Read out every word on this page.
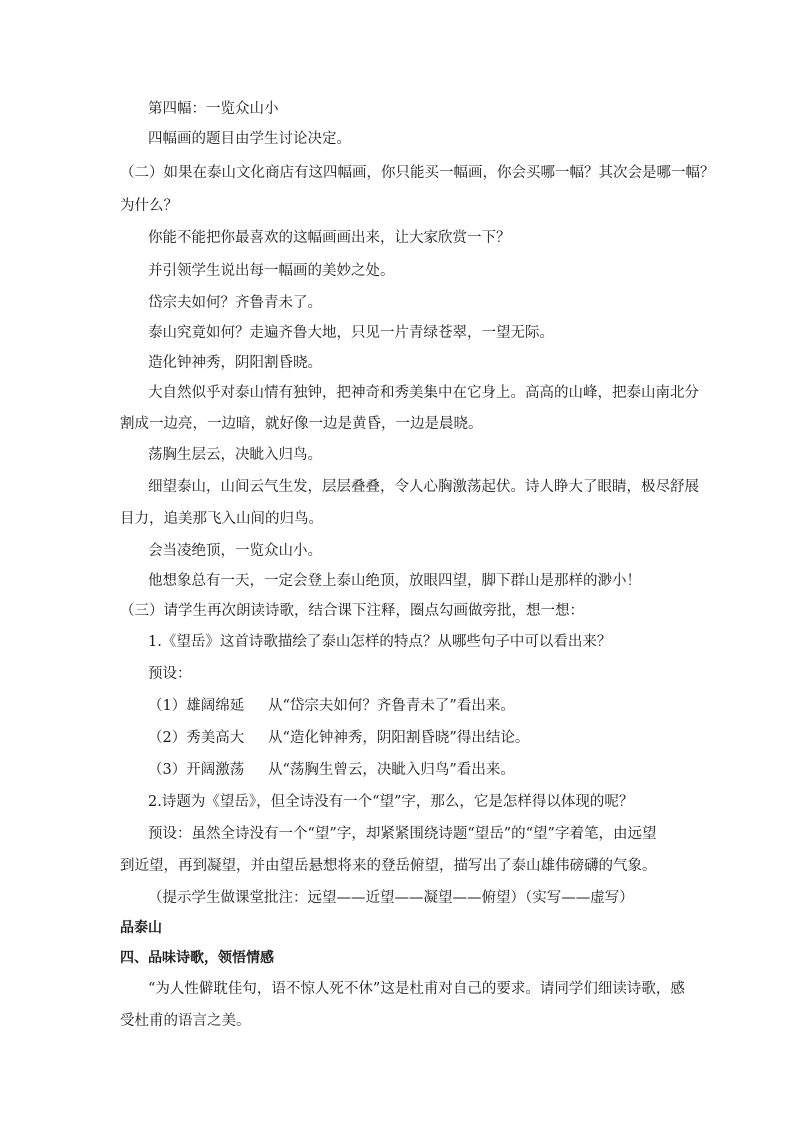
第四幅：一览众山小
四幅画的题目由学生讨论决定。
（二）如果在泰山文化商店有这四幅画，你只能买一幅画，你会买哪一幅？其次会是哪一幅？
为什么？
你能不能把你最喜欢的这幅画画出来，让大家欣赏一下？
并引领学生说出每一幅画的美妙之处。
岱宗夫如何？齐鲁青未了。
泰山究竟如何？走遍齐鲁大地，只见一片青绿苍翠，一望无际。
造化钟神秀，阴阳割昏晓。
大自然似乎对泰山情有独钟，把神奇和秀美集中在它身上。高高的山峰，把泰山南北分
割成一边亮，一边暗，就好像一边是黄昏，一边是晨晓。
荡胸生层云，决眦入归鸟。
细望泰山，山间云气生发，层层叠叠，令人心胸激荡起伏。诗人睁大了眼睛，极尽舒展
目力，追美那飞入山间的归鸟。
会当凌绝顶，一览众山小。
他想象总有一天，一定会登上泰山绝顶，放眼四望，脚下群山是那样的渺小！
（三）请学生再次朗读诗歌，结合课下注释，圈点勾画做旁批，想一想：
1.《望岳》这首诗歌描绘了泰山怎样的特点？从哪些句子中可以看出来？
预设：
（1）雄阔绵延 从“岱宗夫如何？齐鲁青未了”看出来。
（2）秀美高大 从“造化钟神秀，阴阳割昏晓”得出结论。
（3）开阔激荡 从“荡胸生曾云，决眦入归鸟”看出来。
2.诗题为《望岳》，但全诗没有一个“望”字，那么，它是怎样得以体现的呢？
预设：虽然全诗没有一个“望”字，却紧紧围绕诗题“望岳”的“望”字着笔，由远望
到近望，再到凝望，并由望岳悬想将来的登岳俯望，描写出了泰山雄伟磅礴的气象。
（提示学生做课堂批注：远望——近望——凝望——俯望）（实写——虚写）
品泰山
四、品味诗歌，领悟情感
“为人性僻耽佳句，语不惊人死不休”这是杜甫对自己的要求。请同学们细读诗歌，感
受杜甫的语言之美。
